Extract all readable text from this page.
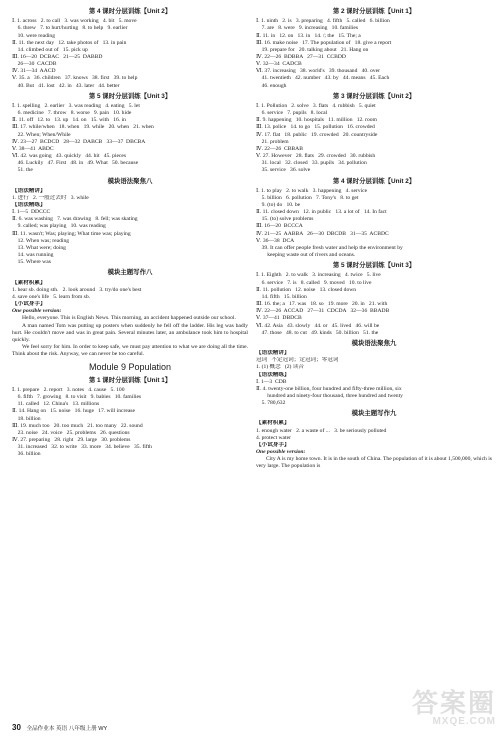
第 4 课时分层训练【Unit 2】
Ⅰ. 1. across   2. to call   3. was working   4. bit   5. move
6. threw   7. to hurt/hurting   8. to help   9. earlier
10. were reading
Ⅱ. 11. the next day   12. take photos of   13. in pain
14. climbed out of   15. pick up
Ⅲ. 16—20  DCBAC   21—25  DABBD
26—30  CACDB
Ⅳ. 31—34  AACD
Ⅴ. 35. a   36. children   37. knows   38. first   39. to help
40. But   41. lost   42. in   43. later   44. better
第 5 课时分层训练【Unit 3】
Ⅰ. 1. spelling   2. earlier   3. was reading   4. eating   5. let
6. medicine   7. throw   8. worse   9. pain   10. hide
Ⅱ. 11. off   12. to   13. up   14. on   15. with   16. in
Ⅲ. 17. while/when   18. when   19. while   20. when   21. when
22. When; When/While
Ⅳ. 23—27  BCDCD   28—32  DABCB   33—37  DBCBA
Ⅴ. 38—41  ABDC
Ⅵ. 42. was going   43. quickly   44. hit   45. pieces
46. Luckily   47. First   48. in   49. What   50. because
51. the
模块语法聚焦八
【语法精讲】
1. 进行   2. 一般过去时   3. while
【语法精练】
Ⅰ. 1—5  DDCCC
Ⅱ. 6. was washing   7. was drawing   8. fell; was skating
9. called; was playing   10. was reading
Ⅲ. 11. wasn't; Was; playing; What time was; playing
12. When was; reading
13. What were; doing
14. was running
15. Where was
模块主题写作八
【素材积累】
1. hear sb. doing sth.   2. look around   3. try/do one's best
4. save one's life   5. learn from sb.
【小试身手】
One possible version:
Hello, everyone. This is English News. This morning, an accident happened outside our school.
A man named Tom was putting up posters when suddenly he fell off the ladder. His leg was badly hurt. He couldn't move and was in great pain. Several minutes later, an ambulance took him to hospital quickly.
We feel sorry for him. In order to keep safe, we must pay attention to what we are doing all the time. Think about the risk. Anyway, we can never be too careful.
Module 9 Population
第 1 课时分层训练【Unit 1】
Ⅰ. 1. prepare   2. report   3. notes   4. cause   5. 100
6. fifth   7. growing   8. to visit   9. babies   10. families
11. called   12. China's   13. millions
Ⅱ. 14. Hang on   15. noise   16. huge   17. will increase
18. billion
Ⅲ. 19. much too   20. too much   21. too many   22. sound
23. noise   24. voice   25. problems   26. questions
Ⅳ. 27. preparing   28. right   29. large   30. problems
31. increased   32. to write   33. more   34. believe   35. fifth
36. billion
第 2 课时分层训练【Unit 1】
Ⅰ. 1. ninth   2. is   3. preparing   4. fifth   5. called   6. billion
7. are   8. were   9. increasing   10. families
Ⅱ. 11. in   12. on   13. in   14. /; the   15. The; a
Ⅲ. 16. make noise   17. The population of   18. give a report
19. prepare for   20. talking about   21. Hang on
Ⅳ. 22—26  BDBBA   27—31  CCBDD
Ⅴ. 32—34  CADCB
Ⅵ. 37. increasing   38. world's   39. thousand   40. over
41. twentieth   42. number   43. by   44. means   45. Each
46. enough
第 3 课时分层训练【Unit 2】
Ⅰ. 1. Pollution   2. solve   3. flats   4. rubbish   5. quiet
6. service   7. pupils   8. local
Ⅱ. 9. happening   10. hospitals   11. million   12. room
Ⅲ. 13. police   14. to go   15. pollution   16. crowded
Ⅳ. 17. flat   18. public   19. crowded   20. countryside
21. problem
Ⅳ. 22—26  CBBAB
Ⅴ. 27. However   28. flats   29. crowded   30. rubbish
31. local   32. closed   33. pupils   34. pollution
35. service   36. solve
第 4 课时分层训练【Unit 2】
Ⅰ. 1. to play   2. to walk   3. happening   4. service
5. billion   6. pollution   7. Tony's   8. to get
9. (to) do   10. be
Ⅱ. 11. closed down   12. in public   13. a lot of   14. In fact
15. (to) solve problems
Ⅲ. 16—20  BCCCA
Ⅳ. 21—25  AABBA   26—30  DBCDB   31—35  ACBDC
Ⅴ. 36—38  DCA
39. It can offer people fresh water and help the environment by
keeping waste out of rivers and oceans.
第 5 课时分层训练【Unit 3】
Ⅰ. 1. Eighth   2. to walk   3. increasing   4. twice   5. live
6. service   7. is   8. called   9. moved   10. to live
Ⅱ. 11. pollution   12. noise   13. closed down
14. fifth   15. billion
Ⅲ. 16. the; a   17. was   18. so   19. more   20. in   21. with
Ⅳ. 22—26  ACCAD   27—31  CDCDA   32—36  BBADB
Ⅴ. 37—41  DBDCB
Ⅵ. 42. Asia   43. slowly   44. or   45. lived   46. will be
47. those   48. to cut   49. kinds   50. billion   51. the
模块语法聚焦九
【语法精讲】
冠词   不定冠词；定冠词；零冠词
1. (1) 概念   (2) 读音
【语法精练】
Ⅰ. 1—3  CDB
Ⅱ. 4. twenty-one billion, four hundred and fifty-three million, six
hundred and ninety-four thousand, three hundred and twenty
5. 780,632
模块主题写作九
【素材积累】
1. enough water   2. a waste of ...   3. be seriously polluted
4. protect water
【小试身手】
One possible version:
City A is my home town. It is in the south of China. The population of it is about 1,500,000, which is very large. The population is
30 全品作业本 英语 八年级上册 WY
答案圈
MXQE.COM
